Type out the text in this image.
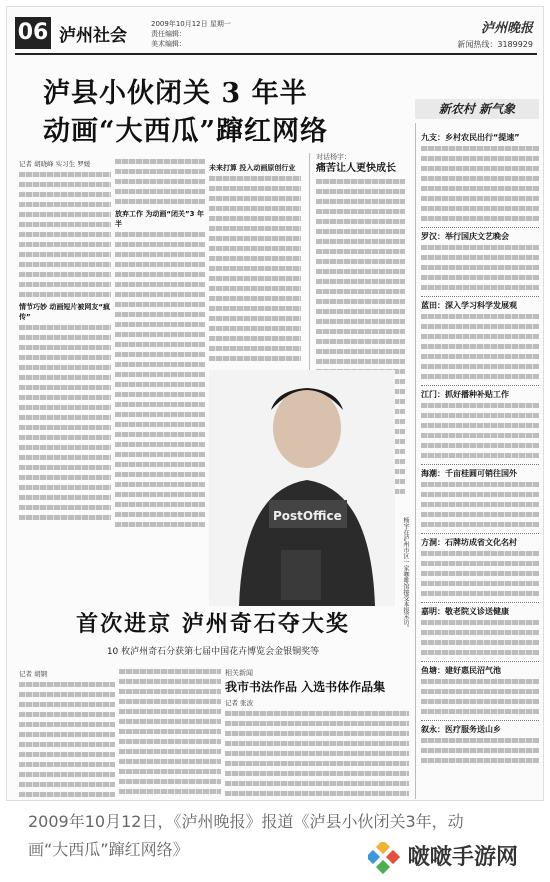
06 泸州社会
2009年10月12日 星期一
责任编辑：
美术编辑：
泸州晚报
新闻热线：3189929
泸县小伙闭关 3 年半
动画“大西瓜”蹿红网络
记者 胡晓峰 实习生 罗媛
情节巧妙 动画短片被网友“疯传”
放弃工作 为动画“闭关”3 年半
未来打算 投入动画原创行业
对话杨宇：
痛苦让人更快成长
PostOffice
杨宇在泸州市区一家咖啡馆接受本报采访。
首次进京 泸州奇石夺大奖
10 枚泸州奇石分获第七届中国花卉博览会金银铜奖等
记者 胡钢	相关新闻
我市书法作品 入选书体作品集
记者 张波
新农村 新气象
九支：乡村农民出行“提速”
罗汉：举行国庆文艺晚会
蓝田：深入学习科学发展观
江门：抓好播种补贴工作
海潮：千亩桂圆可销往国外
方洞：石牌坊成省文化名村
嘉明：敬老院义诊送健康
鱼塘：建好惠民沼气池
叙永：医疗服务送山乡
2009年10月12日，《泸州晚报》报道《泸县小伙闭关3年，动画“大西瓜”蹿红网络》	啵啵手游网
